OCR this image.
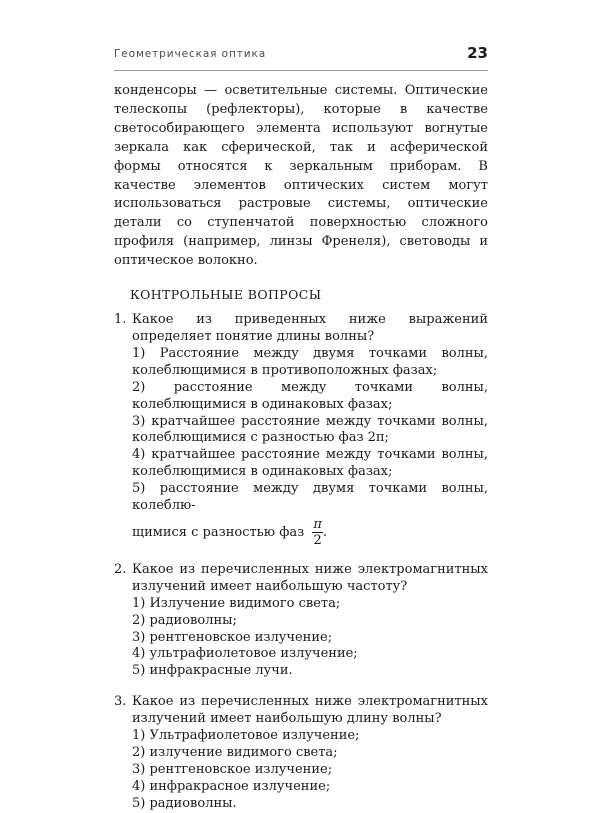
Геометрическая оптика	23

конденсоры — осветительные системы. Оптические телескопы (рефлекторы), которые в качестве светособирающего элемента используют вогнутые зеркала как сферической, так и асферической формы относятся к зеркальным приборам. В качестве элементов оптических систем могут использоваться растровые системы, оптические детали со ступенчатой поверхностью сложного профиля (например, линзы Френеля), световоды и оптическое волокно.

КОНТРОЛЬНЫЕ ВОПРОСЫ
1. Какое из приведенных ниже выражений определяет понятие длины волны?
1) Расстояние между двумя точками волны, колеблющимися в противоположных фазах;
2) расстояние между точками волны, колеблющимися в одинаковых фазах;
3) кратчайшее расстояние между точками волны, колеблющимися с разностью фаз 2π;
4) кратчайшее расстояние между точками волны, колеблющимися в одинаковых фазах;
5) расстояние между двумя точками волны, колеблю-
щимися с разностью фаз $\frac{\pi}{2}$ .
2. Какое из перечисленных ниже электромагнитных излучений имеет наибольшую частоту?
1) Излучение видимого света;
2) радиоволны;
3) рентгеновское излучение;
4) ультрафиолетовое излучение;
5) инфракрасные лучи.
3. Какое из перечисленных ниже электромагнитных излучений имеет наибольшую длину волны?
1) Ультрафиолетовое излучение;
2) излучение видимого света;
3) рентгеновское излучение;
4) инфракрасное излучение;
5) радиоволны.
